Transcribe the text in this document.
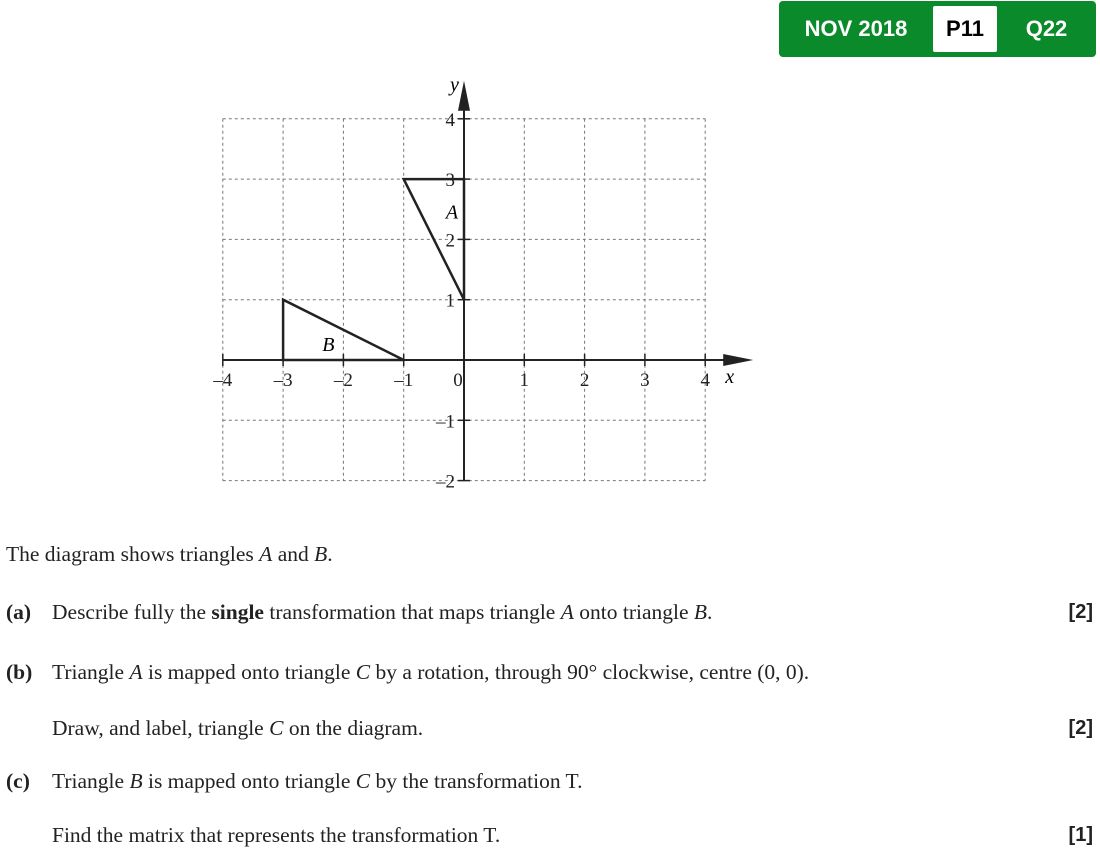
NOV 2018	P11	Q22
–4 –3 –2 –1 0	1	2	3	4
–2
–1
1
2
3
4
x
y
A
B
The diagram shows triangles A and B.
(a) Describe fully the single transformation that maps triangle A onto triangle B.	[2]
(b) Triangle A is mapped onto triangle C by a rotation, through 90° clockwise, centre (0, 0).
Draw, and label, triangle C on the diagram.	[2]
(c) Triangle B is mapped onto triangle C by the transformation T.
Find the matrix that represents the transformation T.	[1]
